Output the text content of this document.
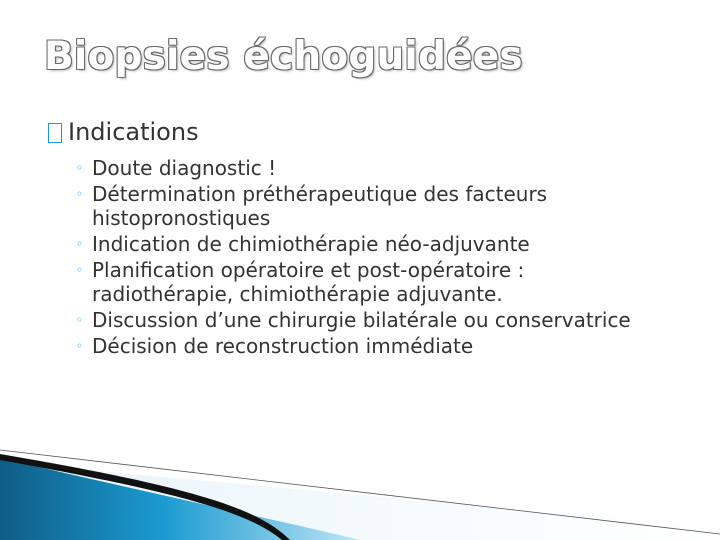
Biopsies échoguidées
Indications
◦ Doute diagnostic !
◦ Détermination préthérapeutique des facteurs histopronostiques
◦ Indication de chimiothérapie néo-adjuvante
◦ Planification opératoire et post-opératoire : radiothérapie, chimiothérapie adjuvante.
◦ Discussion d’une chirurgie bilatérale ou conservatrice
◦ Décision de reconstruction immédiate
